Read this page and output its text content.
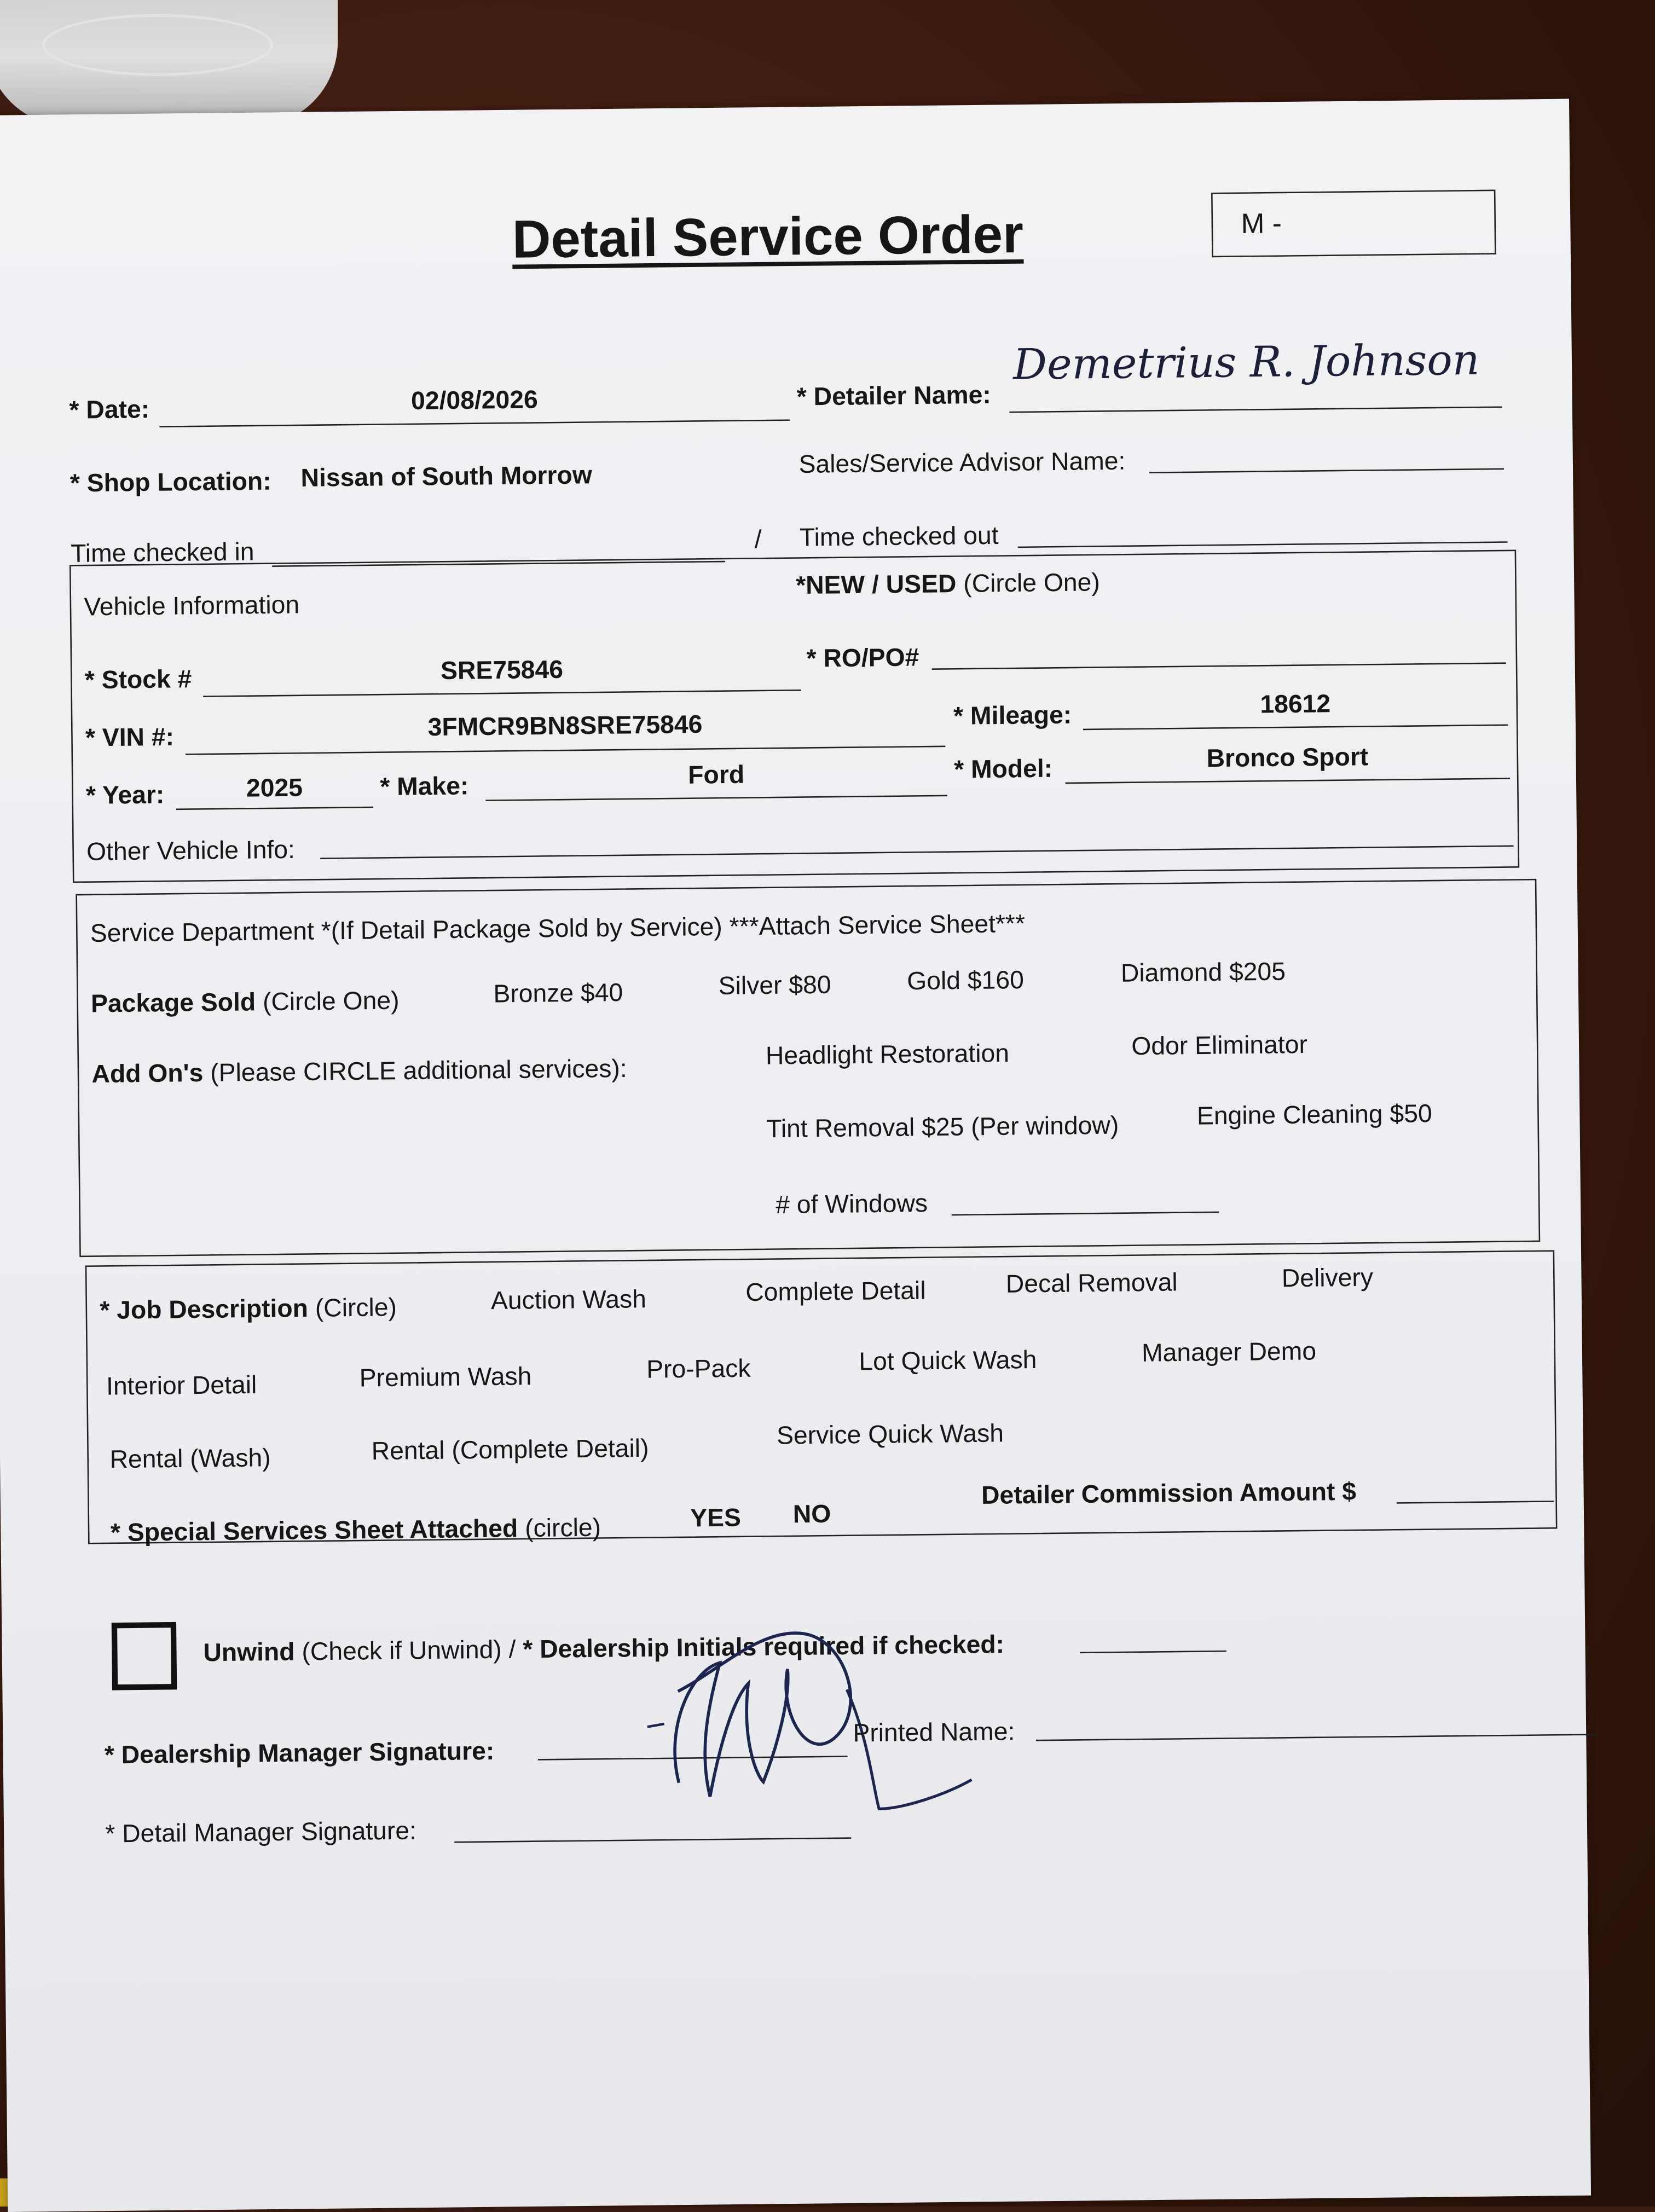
Detail Service Order	M -
* Date:	02/08/2026	* Detailer Name:
Demetrius R. Johnson
* Shop Location:	Nissan of South Morrow	Sales/Service Advisor Name:
Time checked in	/	Time checked out
Vehicle Information
*NEW / USED (Circle One)
* Stock #	SRE75846	* RO/PO#
* VIN #:	3FMCR9BN8SRE75846	* Mileage:	18612
* Year:	2025	* Make:	Ford	* Model:	Bronco Sport
Other Vehicle Info:
Service Department *(If Detail Package Sold by Service) ***Attach Service Sheet***
Package Sold (Circle One)	Bronze $40	Silver $80	Gold $160	Diamond $205
Add On's (Please CIRCLE additional services):	Headlight Restoration	Odor Eliminator
Tint Removal $25 (Per window)	Engine Cleaning $50
# of Windows
* Job Description (Circle)	Auction Wash	Complete Detail	Decal Removal	Delivery
Interior Detail	Premium Wash	Pro-Pack	Lot Quick Wash	Manager Demo
Rental (Wash)	Rental (Complete Detail)	Service Quick Wash
* Special Services Sheet Attached (circle)	YES	NO
Detailer Commission Amount $
Unwind (Check if Unwind) / * Dealership Initials required if checked:
* Dealership Manager Signature:
Printed Name:
* Detail Manager Signature:
